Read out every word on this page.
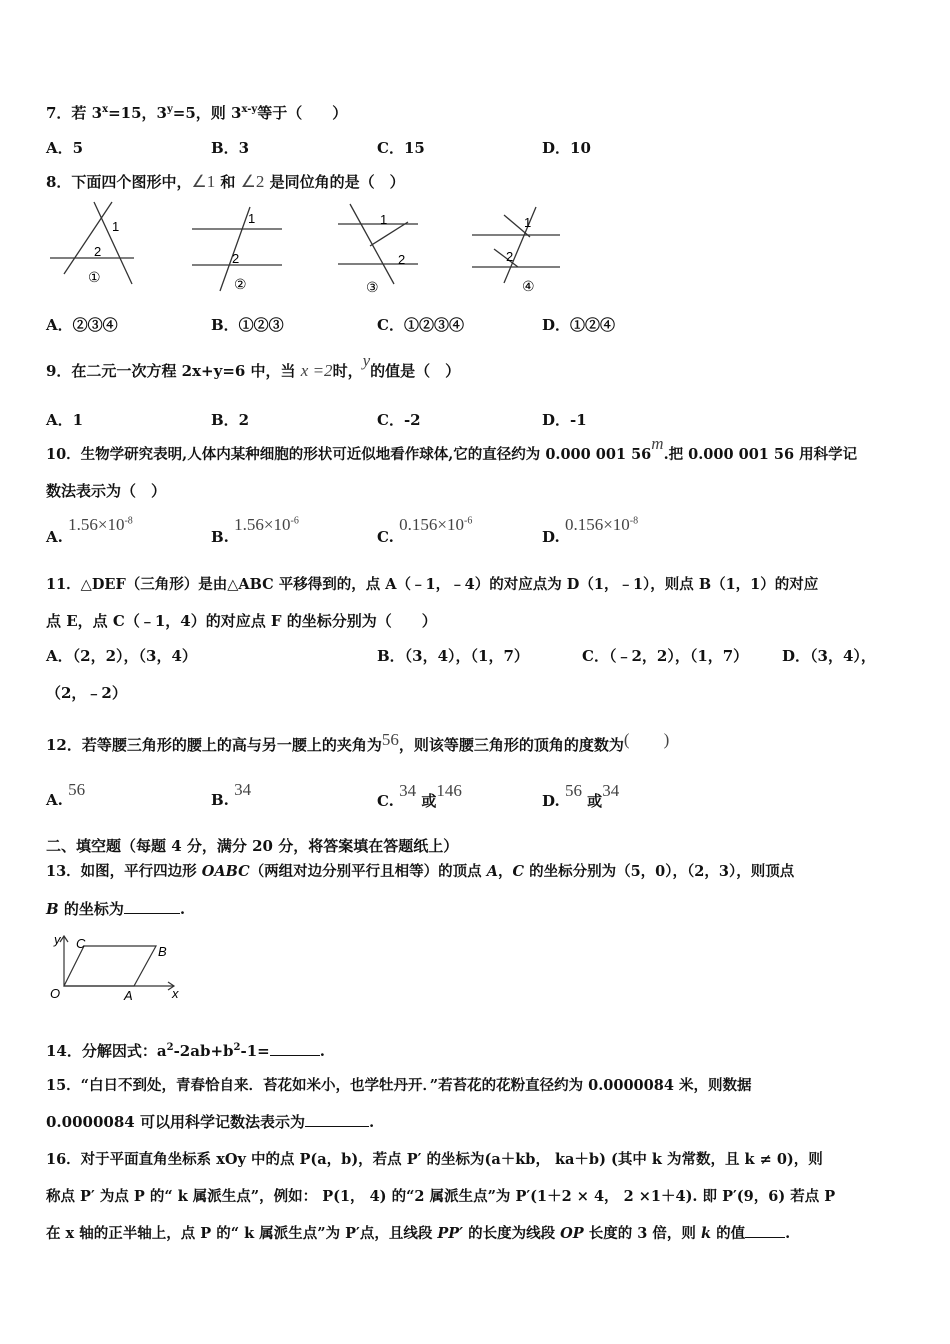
7．若 $3^x=15$，$3^y=5$，则 3$^{x-y}$等于（　　）
A．5	B．3	C．15	D．10
8．下面四个图形中，∠1 和 ∠2 是同位角的是（　）
1
2
①
1
2
②
1
2
③
1
2
④
A．②③④	B．①②③	C．①②③④	D．①②④
9．在二元一次方程 2x+y=6 中，当 x =2时，y的值是（　）
A．1	B．2	C．-2	D．-1
10．生物学研究表明,人体内某种细胞的形状可近似地看作球体,它的直径约为 0.000 001 56m.把 0.000 001 56 用科学记
数法表示为（　）
A. $1.56\times 10^{-8}$
B. $1.56\times 10^{-6}$
C. $0.156\times 10^{-6}$
D. $0.156\times 10^{-8}$
11．△DEF（三角形）是由△ABC 平移得到的，点 A（﹣1，﹣4）的对应点为 D（1，﹣1），则点 B（1，1）的对应
点 E，点 C（﹣1，4）的对应点 F 的坐标分别为（　　）
A．（2，2），（3，4）	B．（3，4），（1，7）	C．（﹣2，2），（1，7） D．（3，4），
（2，﹣2）
12．若等腰三角形的腰上的高与另一腰上的夹角为56，则该等腰三角形的顶角的度数为(　　)
A. 56
B. 34
C. 34 或146
D. 56 或34
二、填空题（每题 4 分，满分 20 分，将答案填在答题纸上）
13．如图，平行四边形 OABC（两组对边分别平行且相等）的顶点 A，C 的坐标分别为（5，0），（2，3），则顶点
B 的坐标为	.
y
x
O	A
B
C
14．分解因式：$a^2-2ab+b^2-1=$	.
15．“白日不到处，青春恰自来．苔花如米小，也学牡丹开．”若苔花的花粉直径约为 0.0000084 米，则数据
0.0000084 可以用科学记数法表示为	.
16．对于平面直角坐标系 xOy 中的点 P(a，b)，若点 P′ 的坐标为(a＋kb， ka＋b) (其中 k 为常数，且 k ≠ 0)，则
称点 P′ 为点 P 的“ k 属派生点”，例如： P(1， 4) 的“2 属派生点”为 P′(1＋2 × 4， 2 ×1＋4). 即 P′(9，6) 若点 P
在 x 轴的正半轴上，点 P 的“ k 属派生点”为 P′点，且线段 PP′ 的长度为线段 OP 长度的 3 倍，则 k 的值	.
